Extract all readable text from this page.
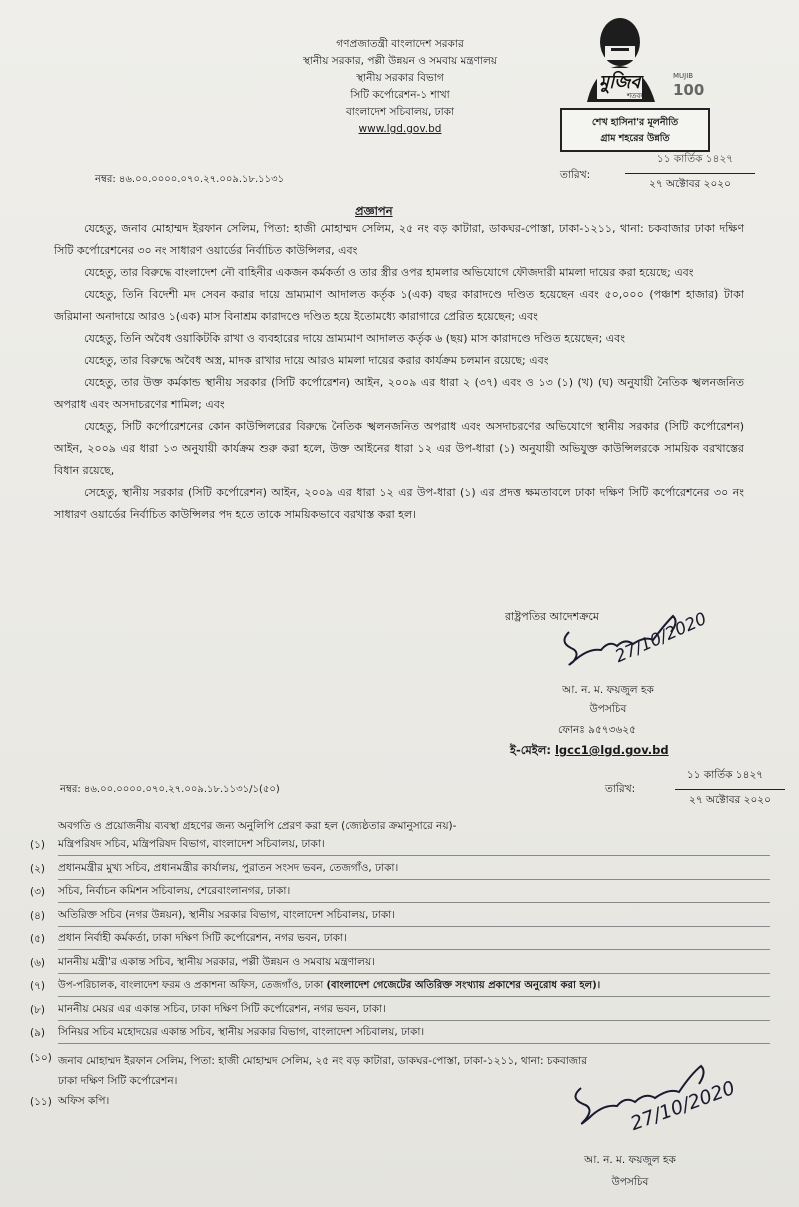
গণপ্রজাতন্ত্রী বাংলাদেশ সরকার
স্থানীয় সরকার, পল্লী উন্নয়ন ও সমবায় মন্ত্রণালয়
স্থানীয় সরকার বিভাগ
সিটি কর্পোরেশন-১ শাখা
বাংলাদেশ সচিবালয়, ঢাকা
www.lgd.gov.bd
মুজিব
শতবর্ষ
MUJIB
100
শেখ হাসিনা'র মূলনীতি
গ্রাম শহরের উন্নতি
নম্বর: ৪৬.০০.০০০০.০৭০.২৭.০০৯.১৮.১১৩১	তারিখ:
১১ কার্তিক ১৪২৭
২৭ অক্টোবর ২০২০
প্রজ্ঞাপন

যেহেতু, জনাব মোহাম্মদ ইরফান সেলিম, পিতা: হাজী মোহাম্মদ সেলিম, ২৫ নং বড় কাটারা, ডাকঘর-পোস্তা, ঢাকা-১২১১, থানা: চকবাজার ঢাকা দক্ষিণ সিটি কর্পোরেশনের ৩০ নং সাধারণ ওয়ার্ডের নির্বাচিত কাউন্সিলর, এবং

যেহেতু, তার বিরুদ্ধে বাংলাদেশ নৌ বাহিনীর একজন কর্মকর্তা ও তার স্ত্রীর ওপর হামলার অভিযোগে ফৌজদারী মামলা দায়ের করা হয়েছে; এবং

যেহেতু, তিনি বিদেশী মদ সেবন করার দায়ে ভ্রাম্যমাণ আদালত কর্তৃক ১(এক) বছর কারাদণ্ডে দণ্ডিত হয়েছেন এবং ৫০,০০০ (পঞ্চাশ হাজার) টাকা জরিমানা অনাদায়ে আরও ১(এক) মাস বিনাশ্রম কারাদণ্ডে দণ্ডিত হয়ে ইতোমধ্যে কারাগারে প্রেরিত হয়েছেন; এবং

যেহেতু, তিনি অবৈধ ওয়াকিটকি রাখা ও ব্যবহারের দায়ে ভ্রাম্যমাণ আদালত কর্তৃক ৬ (ছয়) মাস কারাদণ্ডে দণ্ডিত হয়েছেন; এবং

যেহেতু, তার বিরুদ্ধে অবৈধ অস্ত্র, মাদক রাখার দায়ে আরও মামলা দায়ের করার কার্যক্রম চলমান রয়েছে; এবং

যেহেতু, তার উক্ত কর্মকান্ড স্থানীয় সরকার (সিটি কর্পোরেশন) আইন, ২০০৯ এর ধারা ২ (৩৭) এবং ও ১৩ (১) (খ) (ঘ) অনুযায়ী নৈতিক স্খলনজনিত অপরাধ এবং অসদাচরণের শামিল; এবং

যেহেতু, সিটি কর্পোরেশনের কোন কাউন্সিলরের বিরুদ্ধে নৈতিক স্খলনজনিত অপরাধ এবং অসদাচরণের অভিযোগে স্থানীয় সরকার (সিটি কর্পোরেশন) আইন, ২০০৯ এর ধারা ১৩ অনুযায়ী কার্যক্রম শুরু করা হলে, উক্ত আইনের ধারা ১২ এর উপ-ধারা (১) অনুযায়ী অভিযুক্ত কাউন্সিলরকে সাময়িক বরখাস্তের বিধান রয়েছে,

সেহেতু, স্থানীয় সরকার (সিটি কর্পোরেশন) আইন, ২০০৯ এর ধারা ১২ এর উপ-ধারা (১) এর প্রদত্ত ক্ষমতাবলে ঢাকা দক্ষিণ সিটি কর্পোরেশনের ৩০ নং সাধারণ ওয়ার্ডের নির্বাচিত কাউন্সিলর পদ হতে তাকে সাময়িকভাবে বরখাস্ত করা হল।

রাষ্ট্রপতির আদেশক্রমে 27/10/2020
আ. ন. ম. ফয়জুল হক
উপসচিব
ফোনঃ ৯৫৭৩৬২৫
ই-মেইল: lgcc1@lgd.gov.bd
নম্বর: ৪৬.০০.০০০০.০৭০.২৭.০০৯.১৮.১১৩১/১(৫০)	তারিখ:
১১ কার্তিক ১৪২৭
২৭ অক্টোবর ২০২০
অবগতি ও প্রয়োজনীয় ব্যবস্থা গ্রহণের জন্য অনুলিপি প্রেরণ করা হল (জ্যেষ্ঠতার ক্রমানুসারে নয়)-
(১)	মন্ত্রিপরিষদ সচিব, মন্ত্রিপরিষদ বিভাগ, বাংলাদেশ সচিবালয়, ঢাকা।
(২)	প্রধানমন্ত্রীর মুখ্য সচিব, প্রধানমন্ত্রীর কার্যালয়, পুরাতন সংসদ ভবন, তেজগাঁও, ঢাকা।
(৩)	সচিব, নির্বাচন কমিশন সচিবালয়, শেরেবাংলানগর, ঢাকা।
(৪)	অতিরিক্ত সচিব (নগর উন্নয়ন), স্থানীয় সরকার বিভাগ, বাংলাদেশ সচিবালয়, ঢাকা।
(৫)	প্রধান নির্বাহী কর্মকর্তা, ঢাকা দক্ষিণ সিটি কর্পোরেশন, নগর ভবন, ঢাকা।
(৬)	মাননীয় মন্ত্রী'র একান্ত সচিব, স্থানীয় সরকার, পল্লী উন্নয়ন ও সমবায় মন্ত্রণালয়।
(৭)	উপ-পরিচালক, বাংলাদেশ ফরম ও প্রকাশনা অফিস, তেজগাঁও, ঢাকা (বাংলাদেশ গেজেটের অতিরিক্ত সংখ্যায় প্রকাশের অনুরোধ করা হল)।
(৮)	মাননীয় মেয়র এর একান্ত সচিব, ঢাকা দক্ষিণ সিটি কর্পোরেশন, নগর ভবন, ঢাকা।
(৯)	সিনিয়র সচিব মহোদয়ের একান্ত সচিব, স্থানীয় সরকার বিভাগ, বাংলাদেশ সচিবালয়, ঢাকা।
(১০) জনাব মোহাম্মদ ইরফান সেলিম, পিতা: হাজী মোহাম্মদ সেলিম, ২৫ নং বড় কাটারা, ডাকঘর-পোস্তা, ঢাকা-১২১১, থানা: চকবাজার
ঢাকা দক্ষিণ সিটি কর্পোরেশন।
(১১) অফিস কপি।	27/10/2020
আ. ন. ম. ফয়জুল হক
উপসচিব
